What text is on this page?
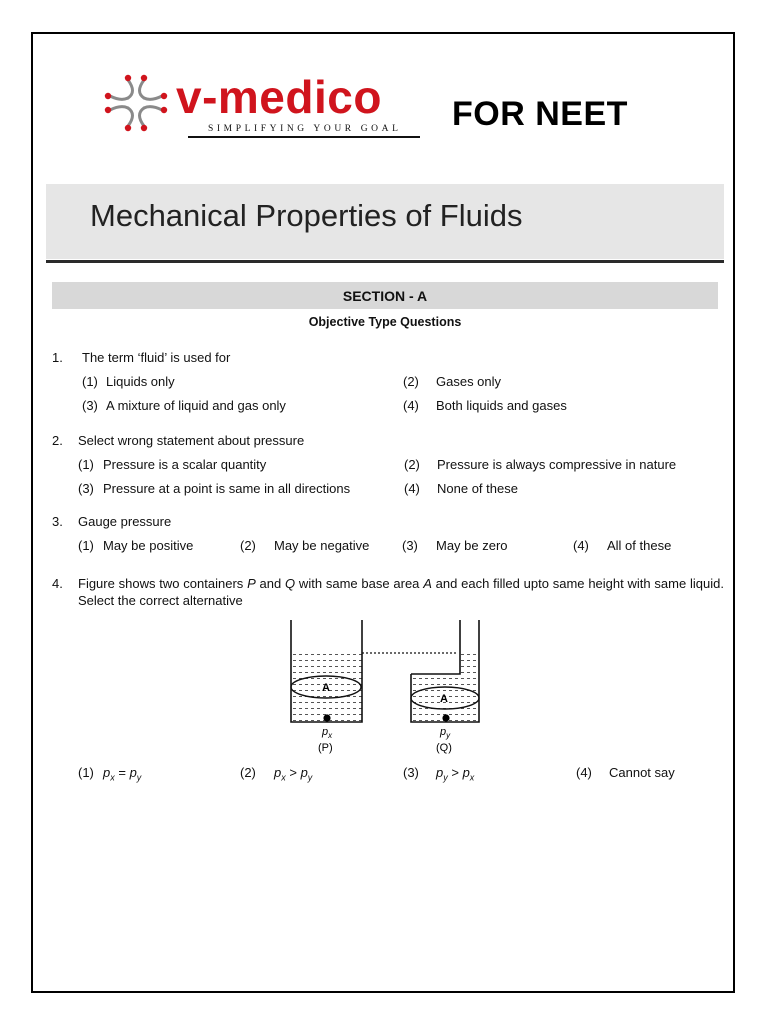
v-medico
SIMPLIFYING YOUR GOAL FOR NEET
Mechanical Properties of Fluids
SECTION - A
Objective Type Questions
1. The term ‘fluid’ is used for
(1) Liquids only	(2) Gases only
(3) A mixture of liquid and gas only	(4) Both liquids and gases
2. Select wrong statement about pressure
(1) Pressure is a scalar quantity	(2) Pressure is always compressive in nature
(3) Pressure at a point is same in all directions	(4) None of these
3. Gauge pressure
(1) May be positive	(2) May be negative	(3) May be zero	(4) All of these
4. Figure shows two containers P and Q with same base area A and each filled upto same height with same liquid. Select the correct alternative
A
$p_x$
(P)
A
$p_y$
(Q)
(1) $p_x = p_y$	(2) $p_x > p_y$	(3) $p_y > p_x$	(4) Cannot say
